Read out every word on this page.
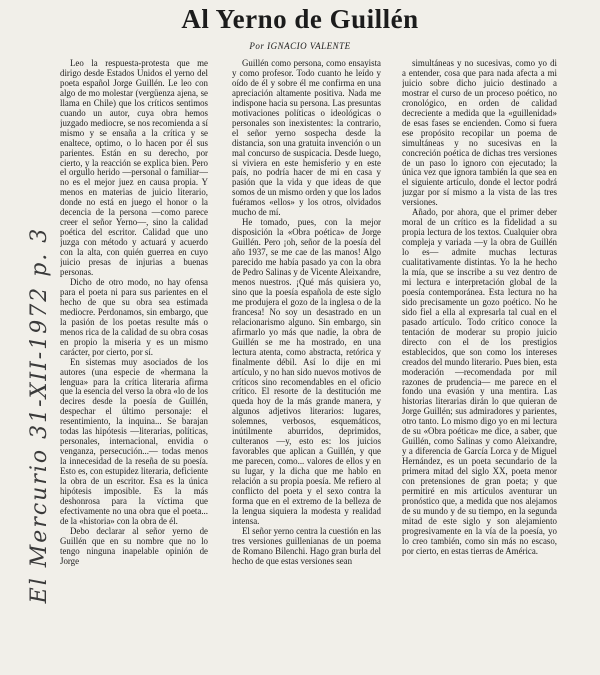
Al Yerno de Guillén
Por IGNACIO VALENTE

Leo la respuesta-protesta que me dirigo desde Estados Unidos el yerno del poeta español Jorge Guillén. Le leo con algo de mo molestar (vergüenza ajena, se llama en Chile) que los críticos sentimos cuando un autor, cuya obra hemos juzgado mediocre, se nos recomienda a sí mismo y se ensaña a la crítica y se enaltece, optimo, o lo hacen por él sus parientes. Están en su derecho, por cierto, y la reacción se explica bien. Pero el orgullo herido —personal o familiar— no es el mejor juez en causa propia. Y menos en materias de juicio literario, donde no está en juego el honor o la decencia de la persona —como parece creer el señor Yerno—, sino la calidad poética del escritor. Calidad que uno juzga con método y actuará y acuerdo con la alta, con quién guerrea en cuyo juicio presas de injurias a buenas personas.

Dicho de otro modo, no hay ofensa para el poeta ni para sus parientes en el hecho de que su obra sea estimada mediocre. Perdonamos, sin embargo, que la pasión de los poetas resulte más o menos rica de la calidad de su obra cosas en propio la miseria y es un mismo carácter, por cierto, por sí.

En sistemas muy asociados de los autores (una especie de «hermana la lengua» para la crítica literaria afirma que la esencia del verso la obra «lo de los decires desde la poesía de Guillén, despechar el último personaje: el resentimiento, la inquina... Se barajan todas las hipótesis —literarias, políticas, personales, internacional, envidia o venganza, persecución...— todas menos la innecesidad de la reseña de su poesía. Esto es, con estupidez literaria, deficiente la obra de un escritor. Esa es la única hipótesis imposible. Es la más deshonrosa para la víctima que efectivamente no una obra que el poeta... de la «historia» con la obra de él.

Debo declarar al señor yerno de Guillén que en su nombre que no lo tengo ninguna inapelable opinión de Jorge

Guillén como persona, como ensayista y como profesor. Todo cuanto he leído y oído de él y sobre él me confirma en una apreciación altamente positiva. Nada me indispone hacia su persona. Las presuntas motivaciones políticas o ideológicas o personales son inexistentes: la contrario, el señor yerno sospecha desde la distancia, son una gratuita invención o un mal concurso de suspicacia. Desde luego, si viviera en este hemisferio y en este país, no podría hacer de mi en casa y pasión que la vida y que ideas de que somos de un mismo orden y que los lados fuéramos «ellos» y los otros, olvidados mucho de mí.

He tomado, pues, con la mejor disposición la «Obra poética» de Jorge Guillén. Pero ¡oh, señor de la poesía del año 1937, se me cae de las manos! Algo parecido me había pasado ya con la obra de Pedro Salinas y de Vicente Aleixandre, menos nuestros. ¡Qué más quisiera yo, sino que la poesía española de este siglo me produjera el gozo de la inglesa o de la francesa! No soy un desastrado en un relacionarismo alguno. Sin embargo, sin afirmarlo yo más que nadie, la obra de Guillén se me ha mostrado, en una lectura atenta, como abstracta, retórica y finalmente débil. Así lo dije en mi artículo, y no han sido nuevos motivos de críticos sino recomendables en el oficio crítico. El resorte de la destitución me queda hoy de la más grande manera, y algunos adjetivos literarios: lugares, solemnes, verbosos, esquemáticos, inútilmente aburridos, deprimidos, culteranos —y, esto es: los juicios favorables que aplican a Guillén, y que me parecen, como... valores de ellos y en su lugar, y la dicha que me hablo en relación a su propia poesía. Me refiero al conflicto del poeta y el sexo contra la forma que en el extremo de la belleza de la lengua siquiera la modesta y realidad intensa.

El señor yerno centra la cuestión en las tres versiones guillenianas de un poema de Romano Bilenchi. Hago gran burla del hecho de que estas versiones sean

simultáneas y no sucesivas, como yo di a entender, cosa que para nada afecta a mi juicio sobre dicho juicio destinado a mostrar el curso de un proceso poético, no cronológico, en orden de calidad decreciente a medida que la «guillenidad» de esas fases se encienden. Como si fuera ese propósito recopilar un poema de simultáneas y no sucesivas en la concreción poética de dichas tres versiones de un paso lo ignoro con ejecutado; la única vez que ignora también la que sea en el siguiente artículo, donde el lector podrá juzgar por sí mismo a la vista de las tres versiones.

Añado, por ahora, que el primer deber moral de un crítico es la fidelidad a su propia lectura de los textos. Cualquier obra compleja y variada —y la obra de Guillén lo es— admite muchas lecturas cualitativamente distintas. Yo la he hecho la mía, que se inscribe a su vez dentro de mi lectura e interpretación global de la poesía contemporánea. Esta lectura no ha sido precisamente un gozo poético. No he sido fiel a ella al expresarla tal cual en el pasado artículo. Todo crítico conoce la tentación de moderar su propio juicio directo con el de los prestigios establecidos, que son como los intereses creados del mundo literario. Pues bien, esta moderación —recomendada por mil razones de prudencia— me parece en el fondo una evasión y una mentira. Las historias literarias dirán lo que quieran de Jorge Guillén; sus admiradores y parientes, otro tanto. Lo mismo digo yo en mi lectura de su «Obra poética» me dice, a saber, que Guillén, como Salinas y como Aleixandre, y a diferencia de García Lorca y de Miguel Hernández, es un poeta secundario de la primera mitad del siglo XX, poeta menor con pretensiones de gran poeta; y que permitiré en mis artículos aventurar un pronóstico que, a medida que nos alejamos de su mundo y de su tiempo, en la segunda mitad de este siglo y son alejamiento progresivamente en la vía de la poesía, yo lo creo también, como sin más no escaso, por cierto, en estas tierras de América.

El Mercurio 31-XII-1972 p. 3
